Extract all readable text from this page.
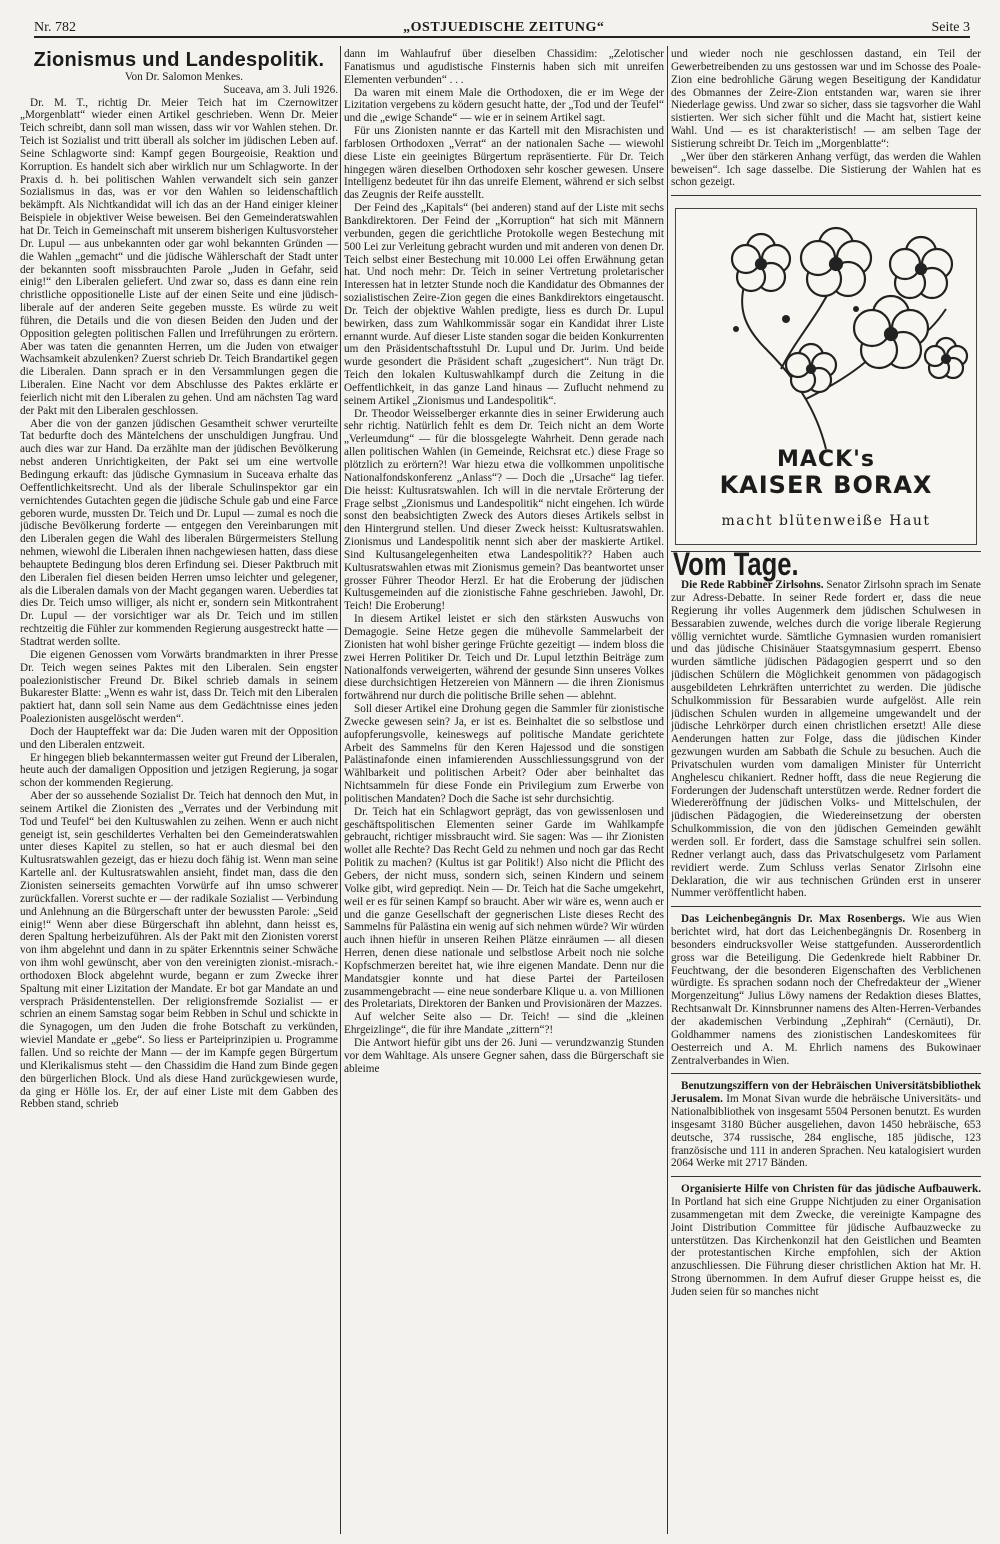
Nr. 782	„OSTJUEDISCHE ZEITUNG“	Seite 3
Zionismus und Landespolitik.

Von Dr. Salomon Menkes.

Suceava, am 3. Juli 1926.

Dr. M. T., richtig Dr. Meier Teich hat im Czernowitzer „Morgenblatt“ wieder einen Artikel geschrieben. Wenn Dr. Meier Teich schreibt, dann soll man wissen, dass wir vor Wahlen stehen. Dr. Teich ist Sozialist und tritt überall als solcher im jüdischen Leben auf. Seine Schlagworte sind: Kampf gegen Bourgeoisie, Reaktion und Korruption. Es handelt sich aber wirklich nur um Schlagworte. In der Praxis d. h. bei politischen Wahlen verwandelt sich sein ganzer Sozialismus in das, was er vor den Wahlen so leidenschaftlich bekämpft. Als Nichtkandidat will ich das an der Hand einiger kleiner Beispiele in objektiver Weise beweisen. Bei den Gemeinderatswahlen hat Dr. Teich in Gemeinschaft mit unserem bisherigen Kultusvorsteher Dr. Lupul — aus unbekannten oder gar wohl bekannten Gründen — die Wahlen „gemacht“ und die jüdische Wählerschaft der Stadt unter der bekannten sooft missbrauchten Parole „Juden in Gefahr, seid einig!“ den Liberalen geliefert. Und zwar so, dass es dann eine rein christliche oppositionelle Liste auf der einen Seite und eine jüdisch-liberale auf der anderen Seite gegeben musste. Es würde zu weit führen, die Details und die von diesen Beiden den Juden und der Opposition gelegten politischen Fallen und Irreführungen zu erörtern. Aber was taten die genannten Herren, um die Juden von etwaiger Wachsamkeit abzulenken? Zuerst schrieb Dr. Teich Brandartikel gegen die Liberalen. Dann sprach er in den Versammlungen gegen die Liberalen. Eine Nacht vor dem Abschlusse des Paktes erklärte er feierlich nicht mit den Liberalen zu gehen. Und am nächsten Tag ward der Pakt mit den Liberalen geschlossen.

Aber die von der ganzen jüdischen Gesamtheit schwer verurteilte Tat bedurfte doch des Mäntelchens der unschuldigen Jungfrau. Und auch dies war zur Hand. Da erzählte man der jüdischen Bevölkerung nebst anderen Unrichtigkeiten, der Pakt sei um eine wertvolle Bedingung erkauft: das jüdische Gymnasium in Suceava erhalte das Oeffentlichkeitsrecht. Und als der liberale Schulinspektor gar ein vernichtendes Gutachten gegen die jüdische Schule gab und eine Farce geboren wurde, mussten Dr. Teich und Dr. Lupul — zumal es noch die jüdische Bevölkerung forderte — entgegen den Vereinbarungen mit den Liberalen gegen die Wahl des liberalen Bürgermeisters Stellung nehmen, wiewohl die Liberalen ihnen nachgewiesen hatten, dass diese behauptete Bedingung blos deren Erfindung sei. Dieser Paktbruch mit den Liberalen fiel diesen beiden Herren umso leichter und gelegener, als die Liberalen damals von der Macht gegangen waren. Ueberdies tat dies Dr. Teich umso williger, als nicht er, sondern sein Mitkontrahent Dr. Lupul — der vorsichtiger war als Dr. Teich und im stillen rechtzeitig die Fühler zur kommenden Regierung ausgestreckt hatte — Stadtrat werden sollte.

Die eigenen Genossen vom Vorwärts brandmarkten in ihrer Presse Dr. Teich wegen seines Paktes mit den Liberalen. Sein engster poalezionistischer Freund Dr. Bikel schrieb damals in seinem Bukarester Blatte: „Wenn es wahr ist, dass Dr. Teich mit den Liberalen paktiert hat, dann soll sein Name aus dem Gedächtnisse eines jeden Poalezionisten ausgelöscht werden“.

Doch der Haupteffekt war da: Die Juden waren mit der Opposition und den Liberalen entzweit.

Er hingegen blieb bekanntermassen weiter gut Freund der Liberalen, heute auch der damaligen Opposition und jetzigen Regierung, ja sogar schon der kommenden Regierung.

Aber der so aussehende Sozialist Dr. Teich hat dennoch den Mut, in seinem Artikel die Zionisten des „Verrates und der Verbindung mit Tod und Teufel“ bei den Kultuswahlen zu zeihen. Wenn er auch nicht geneigt ist, sein geschildertes Verhalten bei den Gemeinderatswahlen unter dieses Kapitel zu stellen, so hat er auch diesmal bei den Kultusratswahlen gezeigt, das er hiezu doch fähig ist. Wenn man seine Kartelle anl. der Kultusratswahlen ansieht, findet man, dass die den Zionisten seinerseits gemachten Vorwürfe auf ihn umso schwerer zurückfallen. Vorerst suchte er — der radikale Sozialist — Verbindung und Anlehnung an die Bürgerschaft unter der bewussten Parole: „Seid einig!“ Wenn aber diese Bürgerschaft ihn ablehnt, dann heisst es, deren Spaltung herbeizuführen. Als der Pakt mit den Zionisten vorerst von ihm abgelehnt und dann in zu später Erkenntnis seiner Schwäche von ihm wohl gewünscht, aber von den vereinigten zionist.-misrach.-orthodoxen Block abgelehnt wurde, begann er zum Zwecke ihrer Spaltung mit einer Lizitation der Mandate. Er bot gar Mandate an und versprach Präsidentenstellen. Der religionsfremde Sozialist — er schrien an einem Samstag sogar beim Rebben in Schul und schickte in die Synagogen, um den Juden die frohe Botschaft zu verkünden, wieviel Mandate er „gebe“. So liess er Parteiprinzipien u. Programme fallen. Und so reichte der Mann — der im Kampfe gegen Bürgertum und Klerikalismus steht — den Chassidim die Hand zum Binde gegen den bürgerlichen Block. Und als diese Hand zurückgewiesen wurde, da ging er Hölle los. Er, der auf einer Liste mit dem Gabben des Rebben stand, schrieb

dann im Wahlaufruf über dieselben Chassidim: „Zelotischer Fanatismus und agudistische Finsternis haben sich mit unreifen Elementen verbunden“ . . .

Da waren mit einem Male die Orthodoxen, die er im Wege der Lizitation vergebens zu ködern gesucht hatte, der „Tod und der Teufel“ und die „ewige Schande“ — wie er in seinem Artikel sagt.

Für uns Zionisten nannte er das Kartell mit den Misrachisten und farblosen Orthodoxen „Verrat“ an der nationalen Sache — wiewohl diese Liste ein geeinigtes Bürgertum repräsentierte. Für Dr. Teich hingegen wären dieselben Orthodoxen sehr koscher gewesen. Unsere Intelligenz bedeutet für ihn das unreife Element, während er sich selbst das Zeugnis der Reife ausstellt.

Der Feind des „Kapitals“ (bei anderen) stand auf der Liste mit sechs Bankdirektoren. Der Feind der „Korruption“ hat sich mit Männern verbunden, gegen die gerichtliche Protokolle wegen Bestechung mit 500 Lei zur Verleitung gebracht wurden und mit anderen von denen Dr. Teich selbst einer Bestechung mit 10.000 Lei offen Erwähnung getan hat. Und noch mehr: Dr. Teich in seiner Vertretung proletarischer Interessen hat in letzter Stunde noch die Kandidatur des Obmannes der sozialistischen Zeire-Zion gegen die eines Bankdirektors eingetauscht. Dr. Teich der objektive Wahlen predigte, liess es durch Dr. Lupul bewirken, dass zum Wahlkommissär sogar ein Kandidat ihrer Liste ernannt wurde. Auf dieser Liste standen sogar die beiden Konkurrenten um den Präsidentschaftsstuhl Dr. Lupul und Dr. Jurim. Und beide wurde gesondert die Präsident schaft „zugesichert“. Nun trägt Dr. Teich den lokalen Kultuswahlkampf durch die Zeitung in die Oeffentlichkeit, in das ganze Land hinaus — Zuflucht nehmend zu seinem Artikel „Zionismus und Landespolitik“.

Dr. Theodor Weisselberger erkannte dies in seiner Erwiderung auch sehr richtig. Natürlich fehlt es dem Dr. Teich nicht an dem Worte „Verleumdung“ — für die blossgelegte Wahrheit. Denn gerade nach allen politischen Wahlen (in Gemeinde, Reichsrat etc.) diese Frage so plötzlich zu erörtern?! War hiezu etwa die vollkommen unpolitische Nationalfondskonferenz „Anlass“? — Doch die „Ursache“ lag tiefer. Die heisst: Kultusratswahlen. Ich will in die nervtale Erörterung der Frage selbst „Zionismus und Landespolitik“ nicht eingehen. Ich würde sonst den beabsichtigten Zweck des Autors dieses Artikels selbst in den Hintergrund stellen. Und dieser Zweck heisst: Kultusratswahlen. Zionismus und Landespolitik nennt sich aber der maskierte Artikel. Sind Kultusangelegenheiten etwa Landespolitik?? Haben auch Kultusratswahlen etwas mit Zionismus gemein? Das beantwortet unser grosser Führer Theodor Herzl. Er hat die Eroberung der jüdischen Kultusgemeinden auf die zionistische Fahne geschrieben. Jawohl, Dr. Teich! Die Eroberung!

In diesem Artikel leistet er sich den stärksten Auswuchs von Demagogie. Seine Hetze gegen die mühevolle Sammelarbeit der Zionisten hat wohl bisher geringe Früchte gezeitigt — indem bloss die zwei Herren Politiker Dr. Teich und Dr. Lupul letzthin Beiträge zum Nationalfonds verweigerten, während der gesunde Sinn unseres Volkes diese durchsichtigen Hetzereien von Männern — die ihren Zionismus fortwährend nur durch die politische Brille sehen — ablehnt.

Soll dieser Artikel eine Drohung gegen die Sammler für zionistische Zwecke gewesen sein? Ja, er ist es. Beinhaltet die so selbstlose und aufopferungsvolle, keineswegs auf politische Mandate gerichtete Arbeit des Sammelns für den Keren Hajessod und die sonstigen Palästinafonde einen infamierenden Ausschliessungsgrund von der Wählbarkeit und politischen Arbeit? Oder aber beinhaltet das Nichtsammeln für diese Fonde ein Privilegium zum Erwerbe von politischen Mandaten? Doch die Sache ist sehr durchsichtig.

Dr. Teich hat ein Schlagwort geprägt, das von gewissenlosen und geschäftspolitischen Elementen seiner Garde im Wahlkampfe gebraucht, richtiger missbraucht wird. Sie sagen: Was — ihr Zionisten wollet alle Rechte? Das Recht Geld zu nehmen und noch gar das Recht Politik zu machen? (Kultus ist gar Politik!) Also nicht die Pflicht des Gebers, der nicht muss, sondern sich, seinen Kindern und seinem Volke gibt, wird geprediqt. Nein — Dr. Teich hat die Sache umgekehrt, weil er es für seinen Kampf so braucht. Aber wir wäre es, wenn auch er und die ganze Gesellschaft der gegnerischen Liste dieses Recht des Sammelns für Palästina ein wenig auf sich nehmen würde? Wir würden auch ihnen hiefür in unseren Reihen Plätze einräumen — all diesen Herren, denen diese nationale und selbstlose Arbeit noch nie solche Kopfschmerzen bereitet hat, wie ihre eigenen Mandate. Denn nur die Mandatsgier konnte und hat diese Partei der Parteilosen zusammengebracht — eine neue sonderbare Klique u. a. von Millionen des Proletariats, Direktoren der Banken und Provisionären der Mazzes.

Auf welcher Seite also — Dr. Teich! — sind die „kleinen Ehrgeizlinge“, die für ihre Mandate „zittern“?!

Die Antwort hiefür gibt uns der 26. Juni — verundzwanzig Stunden vor dem Wahltage. Als unsere Gegner sahen, dass die Bürgerschaft sie ableime

und wieder noch nie geschlossen dastand, ein Teil der Gewerbetreibenden zu uns gestossen war und im Schosse des Poale-Zion eine bedrohliche Gärung wegen Beseitigung der Kandidatur des Obmannes der Zeire-Zion entstanden war, waren sie ihrer Niederlage gewiss. Und zwar so sicher, dass sie tagsvorher die Wahl sistierten. Wer sich sicher fühlt und die Macht hat, sistiert keine Wahl. Und — es ist charakteristisch! — am selben Tage der Sistierung schreibt Dr. Teich im „Morgenblatte“:

„Wer über den stärkeren Anhang verfügt, das werden die Wahlen beweisen“. Ich sage dasselbe. Die Sistierung der Wahlen hat es schon gezeigt.

MACK's
KAISER BORAX
macht blütenweiße Haut
Vom Tage.

Die Rede Rabbiner Zirlsohns. Senator Zirlsohn sprach im Senate zur Adress-Debatte. In seiner Rede fordert er, dass die neue Regierung ihr volles Augenmerk dem jüdischen Schulwesen in Bessarabien zuwende, welches durch die vorige liberale Regierung völlig vernichtet wurde. Sämtliche Gymnasien wurden romanisiert und das jüdische Chisinäuer Staatsgymnasium gesperrt. Ebenso wurden sämtliche jüdischen Pädagogien gesperrt und so den jüdischen Schülern die Möglichkeit genommen von pädagogisch ausgebildeten Lehrkräften unterrichtet zu werden. Die jüdische Schulkommission für Bessarabien wurde aufgelöst. Alle rein jüdischen Schulen wurden in allgemeine umgewandelt und der jüdische Lehrkörper durch einen christlichen ersetzt! Alle diese Aenderungen hatten zur Folge, dass die jüdischen Kinder gezwungen wurden am Sabbath die Schule zu besuchen. Auch die Privatschulen wurden vom damaligen Minister für Unterricht Anghelescu chikaniert. Redner hofft, dass die neue Regierung die Forderungen der Judenschaft unterstützen werde. Redner fordert die Wiedereröffnung der jüdischen Volks- und Mittelschulen, der jüdischen Pädagogien, die Wiedereinsetzung der obersten Schulkommission, die von den jüdischen Gemeinden gewählt werden soll. Er fordert, dass die Samstage schulfrei sein sollen. Redner verlangt auch, dass das Privatschulgesetz vom Parlament revidiert werde. Zum Schluss verlas Senator Zirlsohn eine Deklaration, die wir aus technischen Gründen erst in unserer Nummer veröffentlicht haben.

Das Leichenbegängnis Dr. Max Rosenbergs. Wie aus Wien berichtet wird, hat dort das Leichenbegängnis Dr. Rosenberg in besonders eindrucksvoller Weise stattgefunden. Ausserordentlich gross war die Beteiligung. Die Gedenkrede hielt Rabbiner Dr. Feuchtwang, der die besonderen Eigenschaften des Verblichenen würdigte. Es sprachen sodann noch der Chefredakteur der „Wiener Morgenzeitung“ Julius Löwy namens der Redaktion dieses Blattes, Rechtsanwalt Dr. Kinnsbrunner namens des Alten-Herren-Verbandes der akademischen Verbindung „Zephirah“ (Cernäuti), Dr. Goldhammer namens des zionistischen Landeskomitees für Oesterreich und A. M. Ehrlich namens des Bukowinaer Zentralverbandes in Wien.

Benutzungsziffern von der Hebräischen Universitätsbibliothek Jerusalem. Im Monat Sivan wurde die hebräische Universitäts- und Nationalbibliothek von insgesamt 5504 Personen benutzt. Es wurden insgesamt 3180 Bücher ausgeliehen, davon 1450 hebräische, 653 deutsche, 374 russische, 284 englische, 185 jüdische, 123 französische und 111 in anderen Sprachen. Neu katalogisiert wurden 2064 Werke mit 2717 Bänden.

Organisierte Hilfe von Christen für das jüdische Aufbauwerk. In Portland hat sich eine Gruppe Nichtjuden zu einer Organisation zusammengetan mit dem Zwecke, die vereinigte Kampagne des Joint Distribution Committee für jüdische Aufbauzwecke zu unterstützen. Das Kirchenkonzil hat den Geistlichen und Beamten der protestantischen Kirche empfohlen, sich der Aktion anzuschliessen. Die Führung dieser christlichen Aktion hat Mr. H. Strong übernommen. In dem Aufruf dieser Gruppe heisst es, die Juden seien für so manches nicht
